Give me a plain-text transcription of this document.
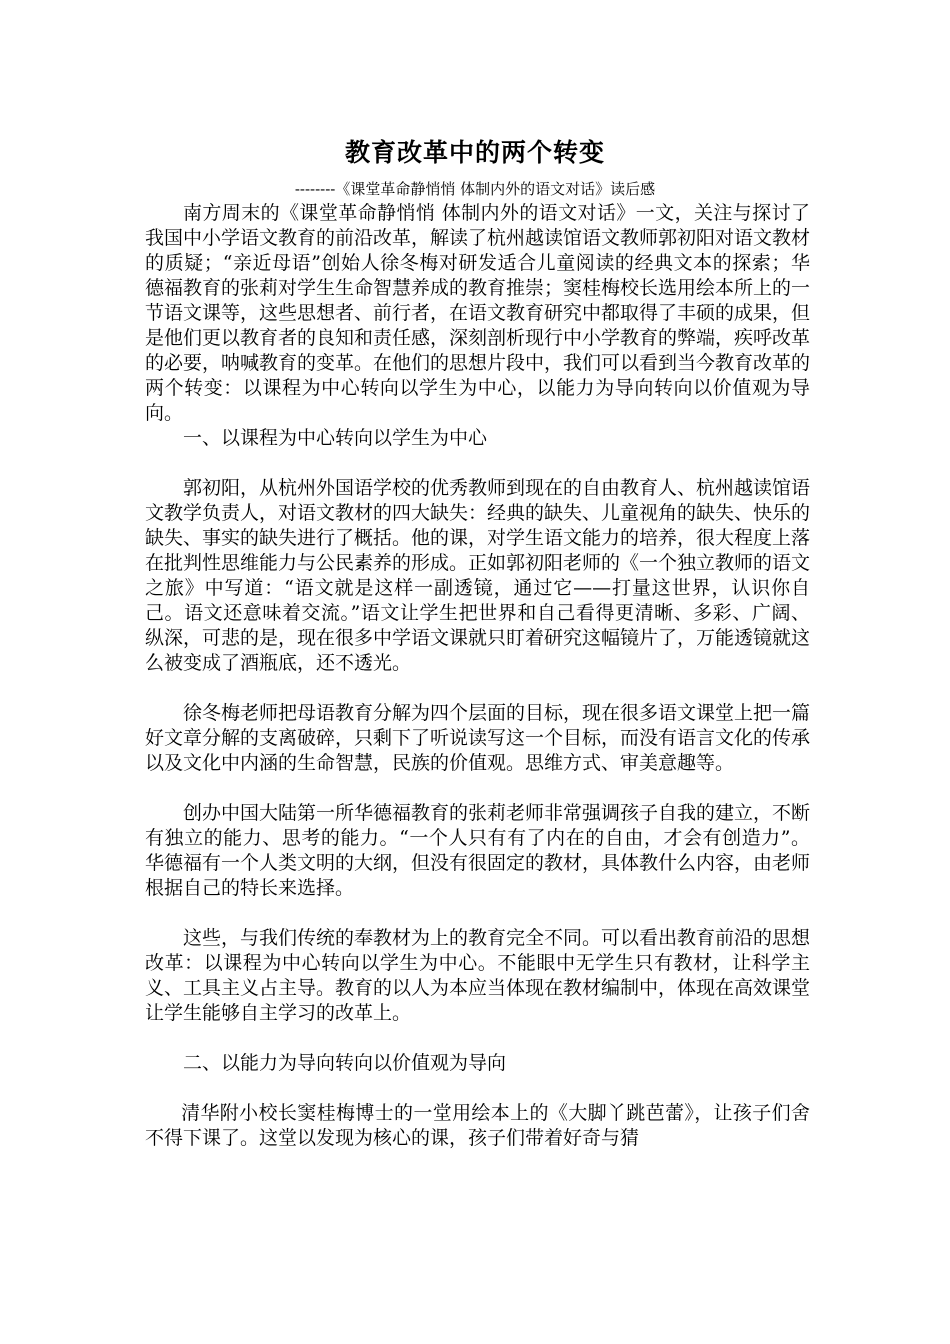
教育改革中的两个转变
--------《课堂革命静悄悄 体制内外的语文对话》读后感

南方周末的《课堂革命静悄悄 体制内外的语文对话》一文，关注与探讨了我国中小学语文教育的前沿改革，解读了杭州越读馆语文教师郭初阳对语文教材的质疑；“亲近母语”创始人徐冬梅对研发适合儿童阅读的经典文本的探索；华德福教育的张莉对学生生命智慧养成的教育推崇；窦桂梅校长选用绘本所上的一节语文课等，这些思想者、前行者，在语文教育研究中都取得了丰硕的成果，但是他们更以教育者的良知和责任感，深刻剖析现行中小学教育的弊端，疾呼改革的必要，呐喊教育的变革。在他们的思想片段中，我们可以看到当今教育改革的两个转变：以课程为中心转向以学生为中心，以能力为导向转向以价值观为导向。

一、以课程为中心转向以学生为中心

郭初阳，从杭州外国语学校的优秀教师到现在的自由教育人、杭州越读馆语文教学负责人，对语文教材的四大缺失：经典的缺失、儿童视角的缺失、快乐的缺失、事实的缺失进行了概括。他的课，对学生语文能力的培养，很大程度上落在批判性思维能力与公民素养的形成。正如郭初阳老师的《一个独立教师的语文之旅》中写道：“语文就是这样一副透镜，通过它——打量这世界，认识你自己。语文还意味着交流。”语文让学生把世界和自己看得更清晰、多彩、广阔、纵深，可悲的是，现在很多中学语文课就只盯着研究这幅镜片了，万能透镜就这么被变成了酒瓶底，还不透光。

徐冬梅老师把母语教育分解为四个层面的目标，现在很多语文课堂上把一篇好文章分解的支离破碎，只剩下了听说读写这一个目标，而没有语言文化的传承以及文化中内涵的生命智慧，民族的价值观。思维方式、审美意趣等。

创办中国大陆第一所华德福教育的张莉老师非常强调孩子自我的建立，不断有独立的能力、思考的能力。“一个人只有有了内在的自由，才会有创造力”。华德福有一个人类文明的大纲，但没有很固定的教材，具体教什么内容，由老师根据自己的特长来选择。

这些，与我们传统的奉教材为上的教育完全不同。可以看出教育前沿的思想改革：以课程为中心转向以学生为中心。不能眼中无学生只有教材，让科学主义、工具主义占主导。教育的以人为本应当体现在教材编制中，体现在高效课堂让学生能够自主学习的改革上。

二、以能力为导向转向以价值观为导向

清华附小校长窦桂梅博士的一堂用绘本上的《大脚丫跳芭蕾》，让孩子们舍不得下课了。这堂以发现为核心的课，孩子们带着好奇与猜
